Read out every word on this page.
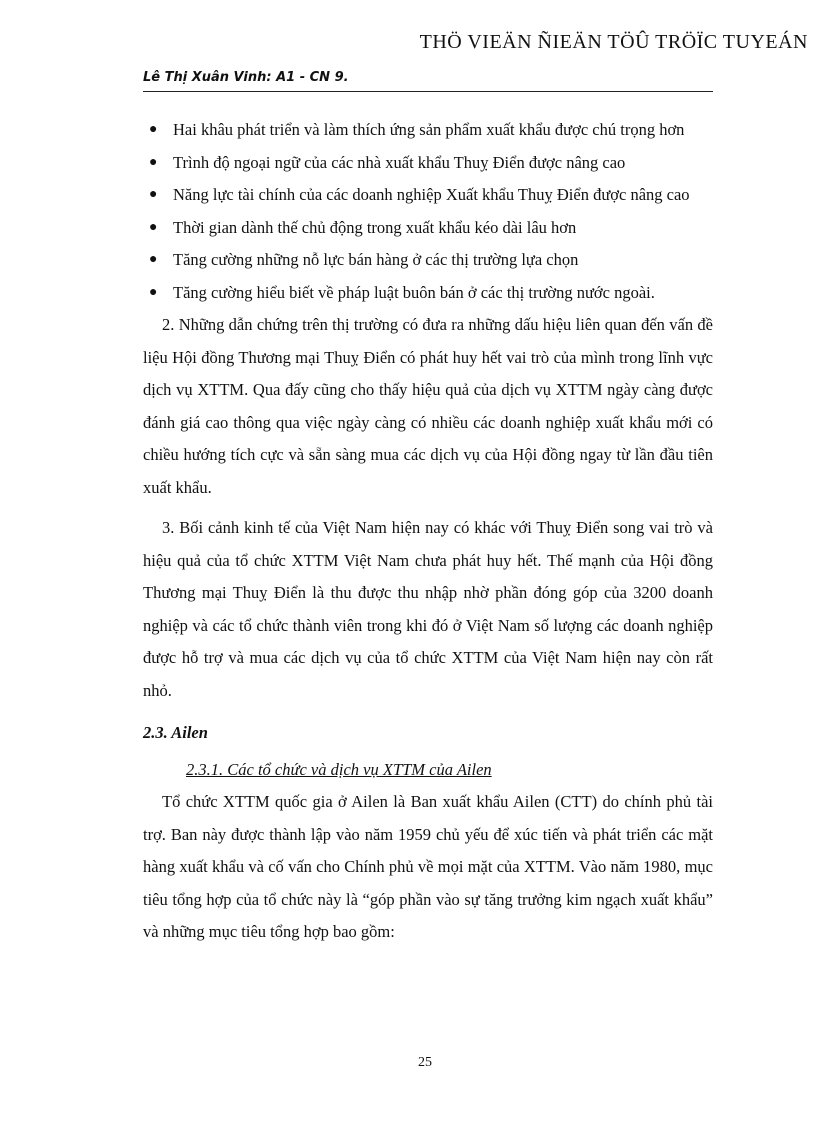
THÖ VIEÄN ÑIEÄN TÖÛ TRÖÏC TUYEÁN
Lê Thị Xuân Vinh: A1 - CN 9.
● Hai khâu phát triển và làm thích ứng sản phẩm xuất khẩu được chú trọng hơn
● Trình độ ngoại ngữ của các nhà xuất khẩu Thuỵ Điển được nâng cao
● Năng lực tài chính của các doanh nghiệp Xuất khẩu Thuỵ Điển được nâng cao
● Thời gian dành thế chủ động trong xuất khẩu kéo dài lâu hơn
● Tăng cường những nỗ lực bán hàng ở các thị trường lựa chọn
● Tăng cường hiểu biết về pháp luật buôn bán ở các thị trường nước ngoài.

2. Những dẫn chứng trên thị trường có đưa ra những dấu hiệu liên quan đến vấn đề liệu Hội đồng Thương mại Thuỵ Điển có phát huy hết vai trò của mình trong lĩnh vực dịch vụ XTTM. Qua đấy cũng cho thấy hiệu quả của dịch vụ XTTM ngày càng được đánh giá cao thông qua việc ngày càng có nhiều các doanh nghiệp xuất khẩu mới có chiều hướng tích cực và sẵn sàng mua các dịch vụ của Hội đồng ngay từ lần đầu tiên xuất khẩu.

3. Bối cảnh kinh tế của Việt Nam hiện nay có khác với Thuỵ Điển song vai trò và hiệu quả của tổ chức XTTM Việt Nam chưa phát huy hết. Thế mạnh của Hội đồng Thương mại Thuỵ Điển là thu được thu nhập nhờ phần đóng góp của 3200 doanh nghiệp và các tổ chức thành viên trong khi đó ở Việt Nam số lượng các doanh nghiệp được hỗ trợ và mua các dịch vụ của tổ chức XTTM của Việt Nam hiện nay còn rất nhỏ.

2.3. Ailen
2.3.1. Các tổ chức và dịch vụ XTTM của Ailen

Tổ chức XTTM quốc gia ở Ailen là Ban xuất khẩu Ailen (CTT) do chính phủ tài trợ. Ban này được thành lập vào năm 1959 chủ yếu để xúc tiến và phát triển các mặt hàng xuất khẩu và cố vấn cho Chính phủ về mọi mặt của XTTM. Vào năm 1980, mục tiêu tổng hợp của tổ chức này là “góp phần vào sự tăng trưởng kim ngạch xuất khẩu” và những mục tiêu tổng hợp bao gồm:

25
